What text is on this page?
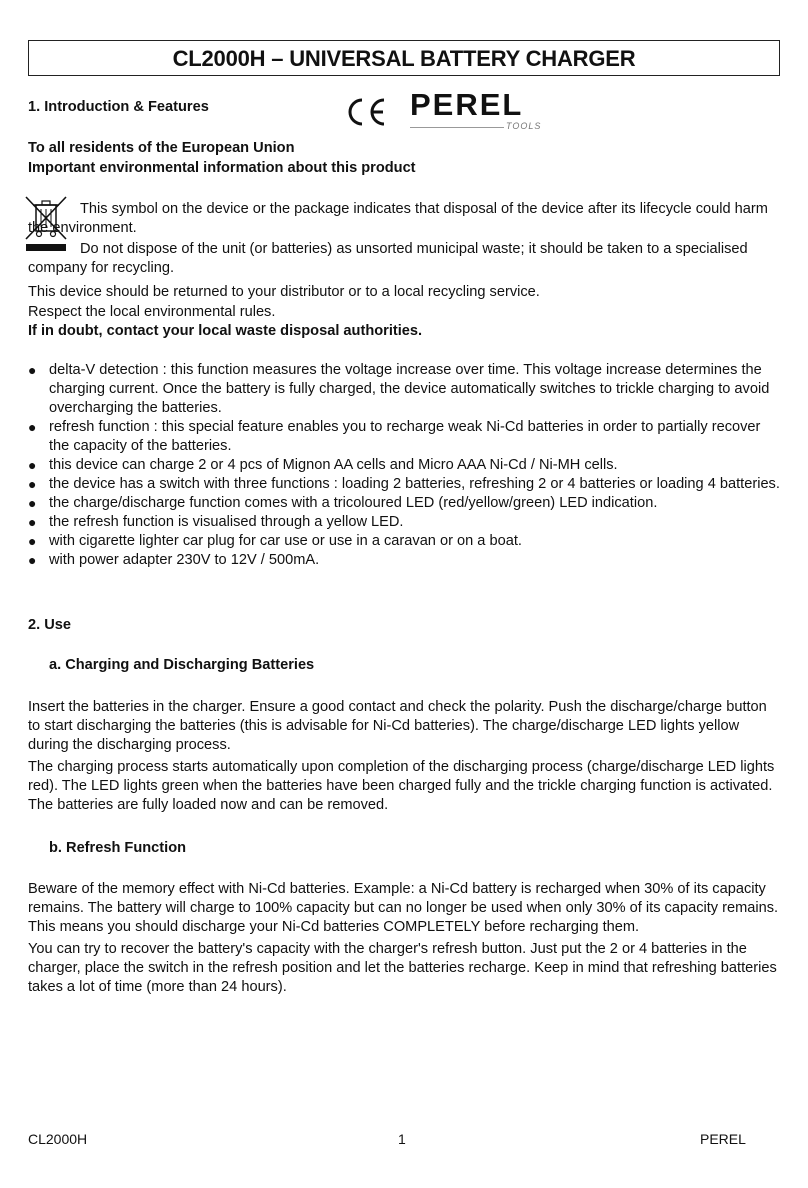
CL2000H – UNIVERSAL BATTERY CHARGER
1. Introduction & Features	PEREL
TOOLS
To all residents of the European Union
Important environmental information about this product
This symbol on the device or the package indicates that disposal of the device after its lifecycle could harm the environment.
Do not dispose of the unit (or batteries) as unsorted municipal waste; it should be taken to a specialised company for recycling.
This device should be returned to your distributor or to a local recycling service.
Respect the local environmental rules.
If in doubt, contact your local waste disposal authorities.
● delta-V detection : this function measures the voltage increase over time. This voltage increase determines the charging current. Once the battery is fully charged, the device automatically switches to trickle charging to avoid overcharging the batteries.
● refresh function : this special feature enables you to recharge weak Ni-Cd batteries in order to partially recover the capacity of the batteries.
● this device can charge 2 or 4 pcs of Mignon AA cells and Micro AAA Ni-Cd / Ni-MH cells.
● the device has a switch with three functions : loading 2 batteries, refreshing 2 or 4 batteries or loading 4 batteries.
● the charge/discharge function comes with a tricoloured LED (red/yellow/green) LED indication.
● the refresh function is visualised through a yellow LED.
● with cigarette lighter car plug for car use or use in a caravan or on a boat.
● with power adapter 230V to 12V / 500mA.
2. Use
a. Charging and Discharging Batteries
Insert the batteries in the charger. Ensure a good contact and check the polarity. Push the discharge/charge button to start discharging the batteries (this is advisable for Ni-Cd batteries). The charge/discharge LED lights yellow during the discharging process.
The charging process starts automatically upon completion of the discharging process (charge/discharge LED lights red). The LED lights green when the batteries have been charged fully and the trickle charging function is activated. The batteries are fully loaded now and can be removed.
b. Refresh Function
Beware of the memory effect with Ni-Cd batteries. Example: a Ni-Cd battery is recharged when 30% of its capacity remains. The battery will charge to 100% capacity but can no longer be used when only 30% of its capacity remains. This means you should discharge your Ni-Cd batteries COMPLETELY before recharging them.
You can try to recover the battery's capacity with the charger's refresh button. Just put the 2 or 4 batteries in the charger, place the switch in the refresh position and let the batteries recharge. Keep in mind that refreshing batteries takes a lot of time (more than 24 hours).
CL2000H	1	PEREL
